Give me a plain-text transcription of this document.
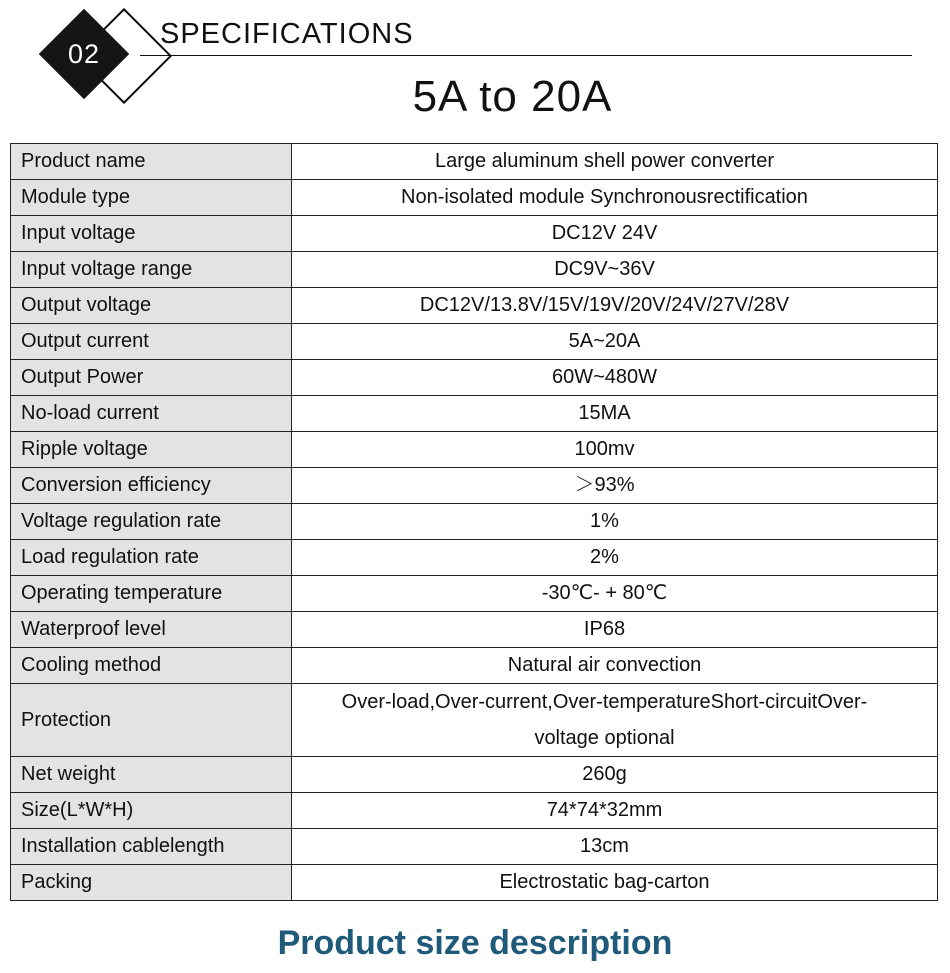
02
SPECIFICATIONS
5A to 20A
Product name	Large aluminum shell power converter
Module type	Non-isolated module Synchronousrectification
Input voltage	DC12V 24V
Input voltage range	DC9V~36V
Output voltage	DC12V/13.8V/15V/19V/20V/24V/27V/28V
Output current	5A~20A
Output Power	60W~480W
No-load current	15MA
Ripple voltage	100mv
Conversion efficiency	＞93%
Voltage regulation rate	1%
Load regulation rate	2%
Operating temperature	-30℃- + 80℃
Waterproof level	IP68
Cooling method	Natural air convection
Protection	Over-load,Over-current,Over-temperatureShort-circuitOver-voltage optional
Net weight	260g
Size(L*W*H)	74*74*32mm
Installation cablelength	13cm
Packing	Electrostatic bag-carton
Product size description
